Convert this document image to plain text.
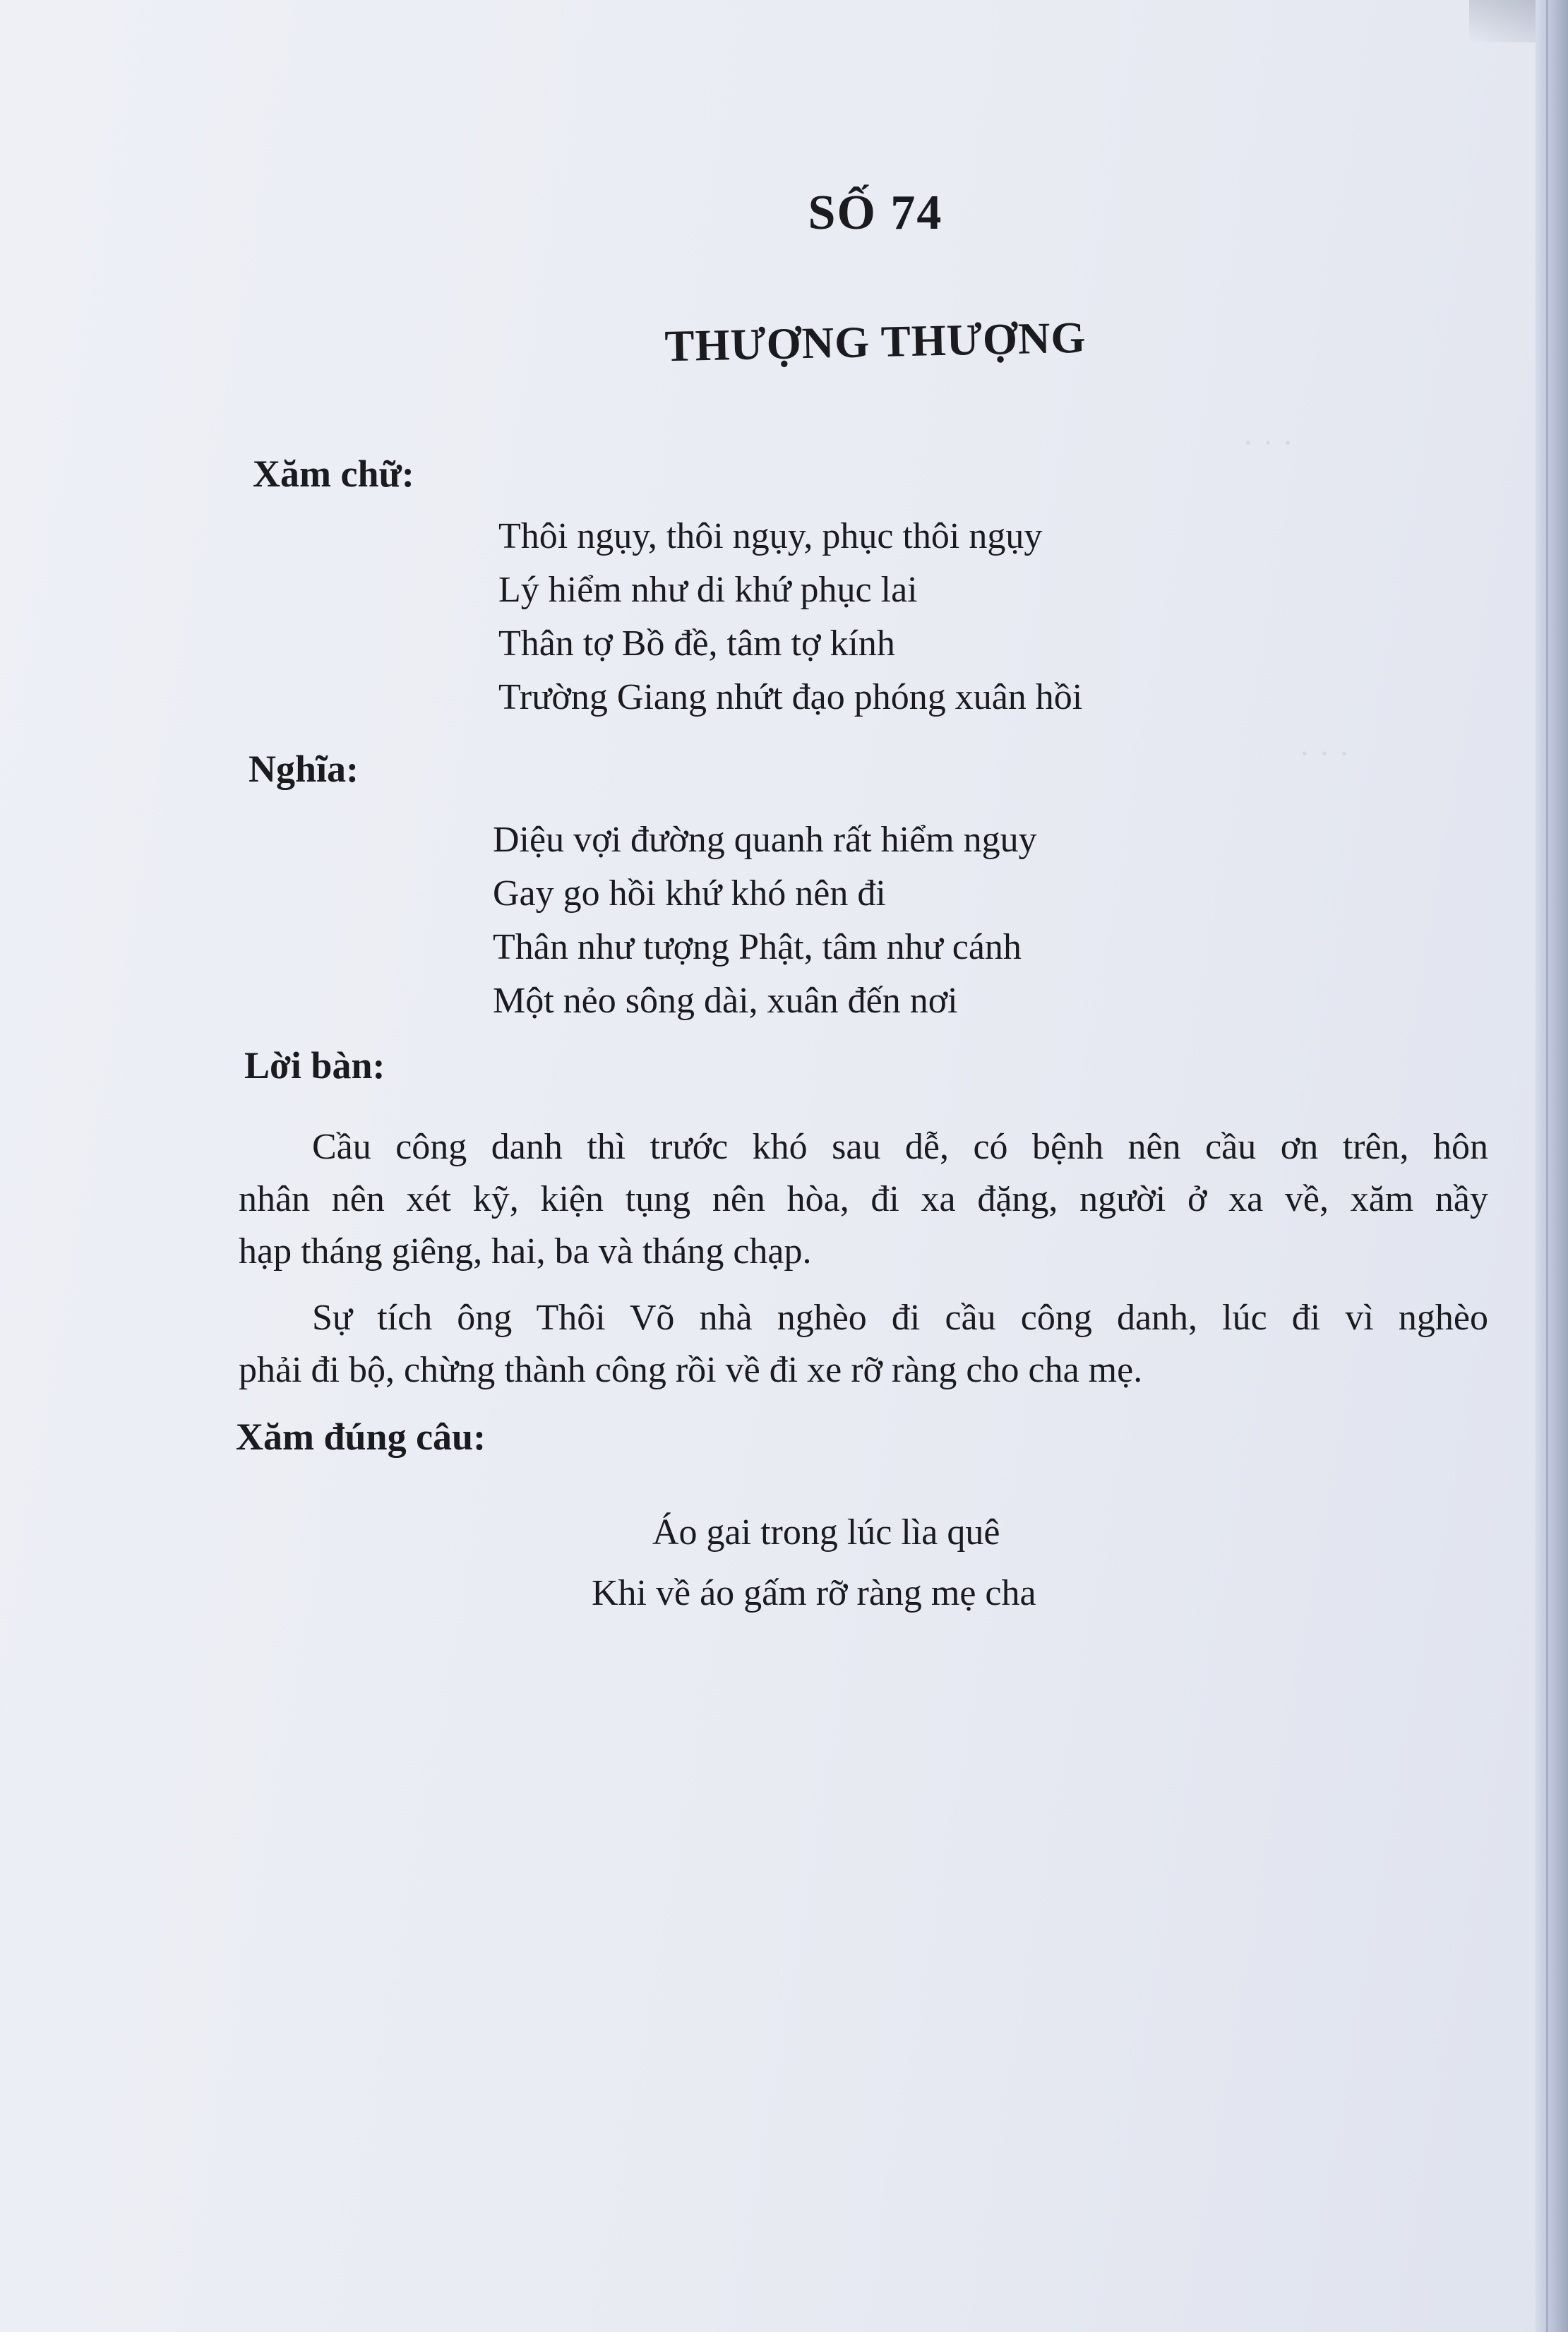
· · ·
· · ·
SỐ 74
THƯỢNG THƯỢNG
Xăm chữ:
Thôi ngụy, thôi ngụy, phục thôi ngụy
Lý hiểm như di khứ phục lai
Thân tợ Bồ đề, tâm tợ kính
Trường Giang nhứt đạo phóng xuân hồi
Nghĩa:
Diệu vợi đường quanh rất hiểm nguy
Gay go hồi khứ khó nên đi
Thân như tượng Phật, tâm như cánh
Một nẻo sông dài, xuân đến nơi
Lời bàn:
Cầu công danh thì trước khó sau dễ, có bệnh nên cầu ơn trên, hôn
nhân nên xét kỹ, kiện tụng nên hòa, đi xa đặng, người ở xa về, xăm nầy
hạp tháng giêng, hai, ba và tháng chạp.
Sự tích ông Thôi Võ nhà nghèo đi cầu công danh, lúc đi vì nghèo
phải đi bộ, chừng thành công rồi về đi xe rỡ ràng cho cha mẹ.
Xăm đúng câu:
Áo gai trong lúc lìa quê
Khi về áo gấm rỡ ràng mẹ cha
